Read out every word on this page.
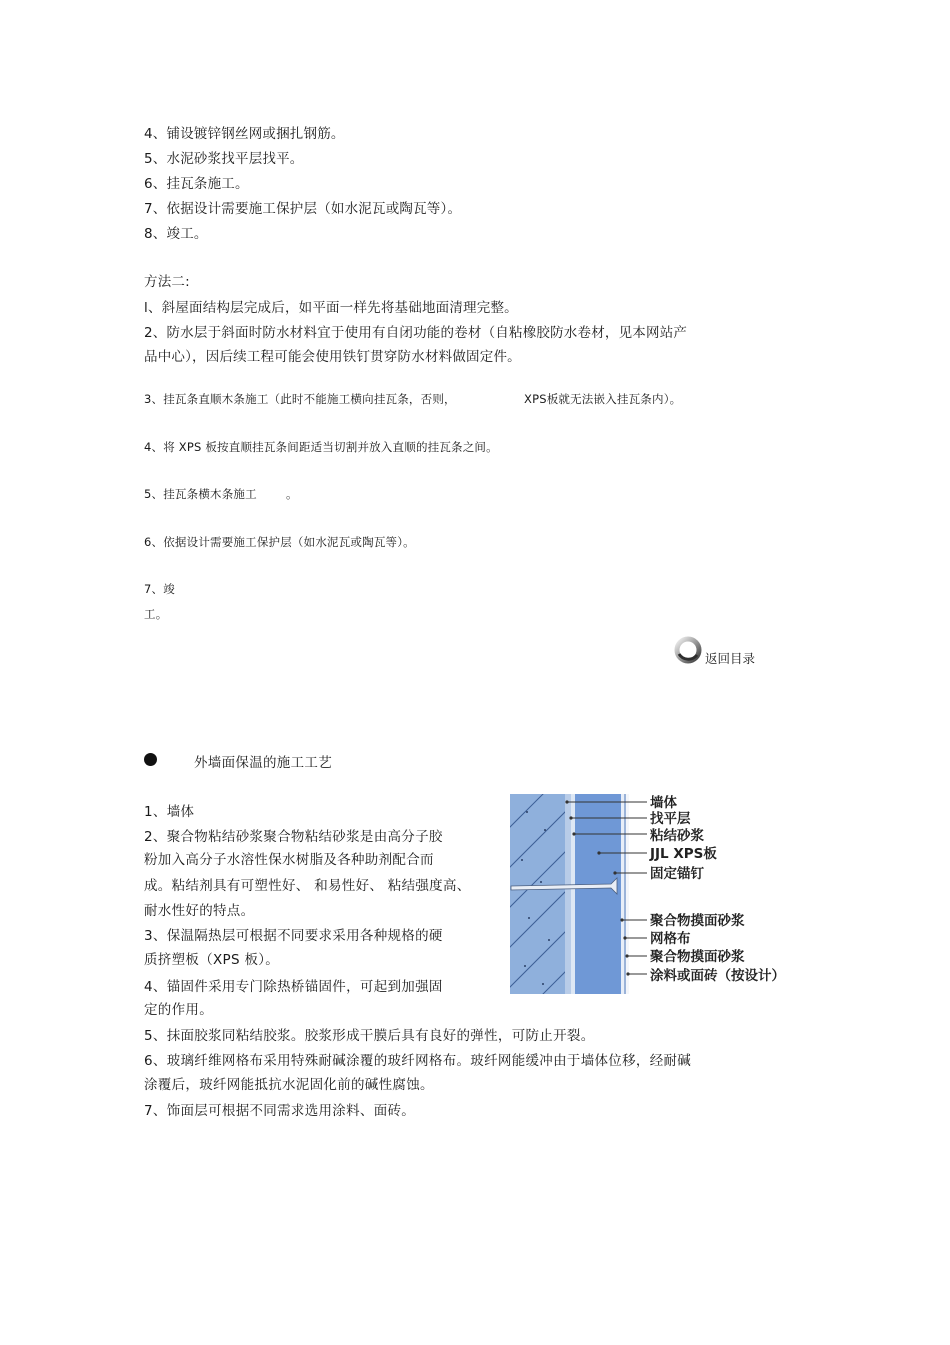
4、铺设镀锌钢丝网或捆扎钢筋。
5、水泥砂浆找平层找平。
6、挂瓦条施工。
7、依据设计需要施工保护层（如水泥瓦或陶瓦等）。
8、竣工。
方法二:
l、斜屋面结构层完成后，如平面一样先将基础地面清理完整。
2、防水层于斜面时防水材料宜于使用有自闭功能的卷材（自粘橡胶防水卷材，见本网站产
品中心），因后续工程可能会使用铁钉贯穿防水材料做固定件。
3、挂瓦条直顺木条施工（此时不能施工横向挂瓦条，否则，	XPS板就无法嵌入挂瓦条内）。
4、将 XPS 板按直顺挂瓦条间距适当切割并放入直顺的挂瓦条之间。
5、挂瓦条横木条施工	。
6、依据设计需要施工保护层（如水泥瓦或陶瓦等）。
7、竣
工。
返回目录
外墙面保温的施工工艺
1、墙体
2、聚合物粘结砂浆聚合物粘结砂浆是由高分子胶
粉加入高分子水溶性保水树脂及各种助剂配合而
成。粘结剂具有可塑性好、 和易性好、 粘结强度高、
耐水性好的特点。
3、保温隔热层可根据不同要求采用各种规格的硬
质挤塑板（XPS 板）。
4、锚固件采用专门除热桥锚固件，可起到加强固
定的作用。
5、抹面胶浆同粘结胶浆。胶浆形成干膜后具有良好的弹性，可防止开裂。
6、玻璃纤维网格布采用特殊耐碱涂覆的玻纤网格布。玻纤网能缓冲由于墙体位移，经耐碱
涂覆后，玻纤网能抵抗水泥固化前的碱性腐蚀。
7、饰面层可根据不同需求选用涂料、面砖。
墙体
找平层
粘结砂浆
JJL XPS板
固定锚钉
聚合物摸面砂浆
网格布
聚合物摸面砂浆
涂料或面砖（按设计）
